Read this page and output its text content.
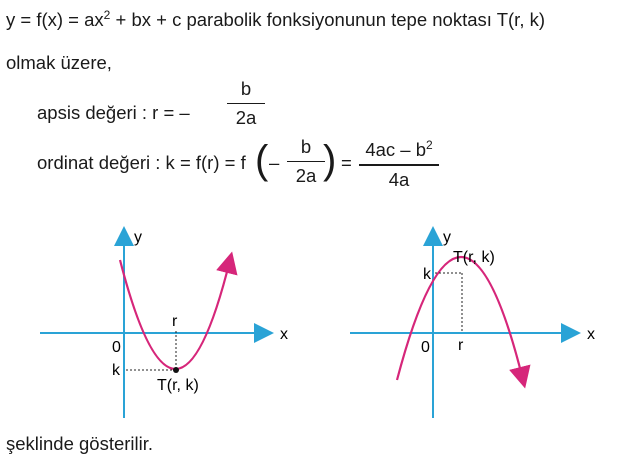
$y = f(x) = ax^2$ + bx + c parabolik fonksiyonunun tepe noktası T(r, k)
olmak üzere,
apsis değeri : r = –
b
2a
ordinat değeri : k = f(r) = f ( –
b
2a ) =
$4ac - b^2$
4a
y
x
0
r
k
T(r, k)
y
x
0 r
k
T(r, k)
şeklinde gösterilir.
